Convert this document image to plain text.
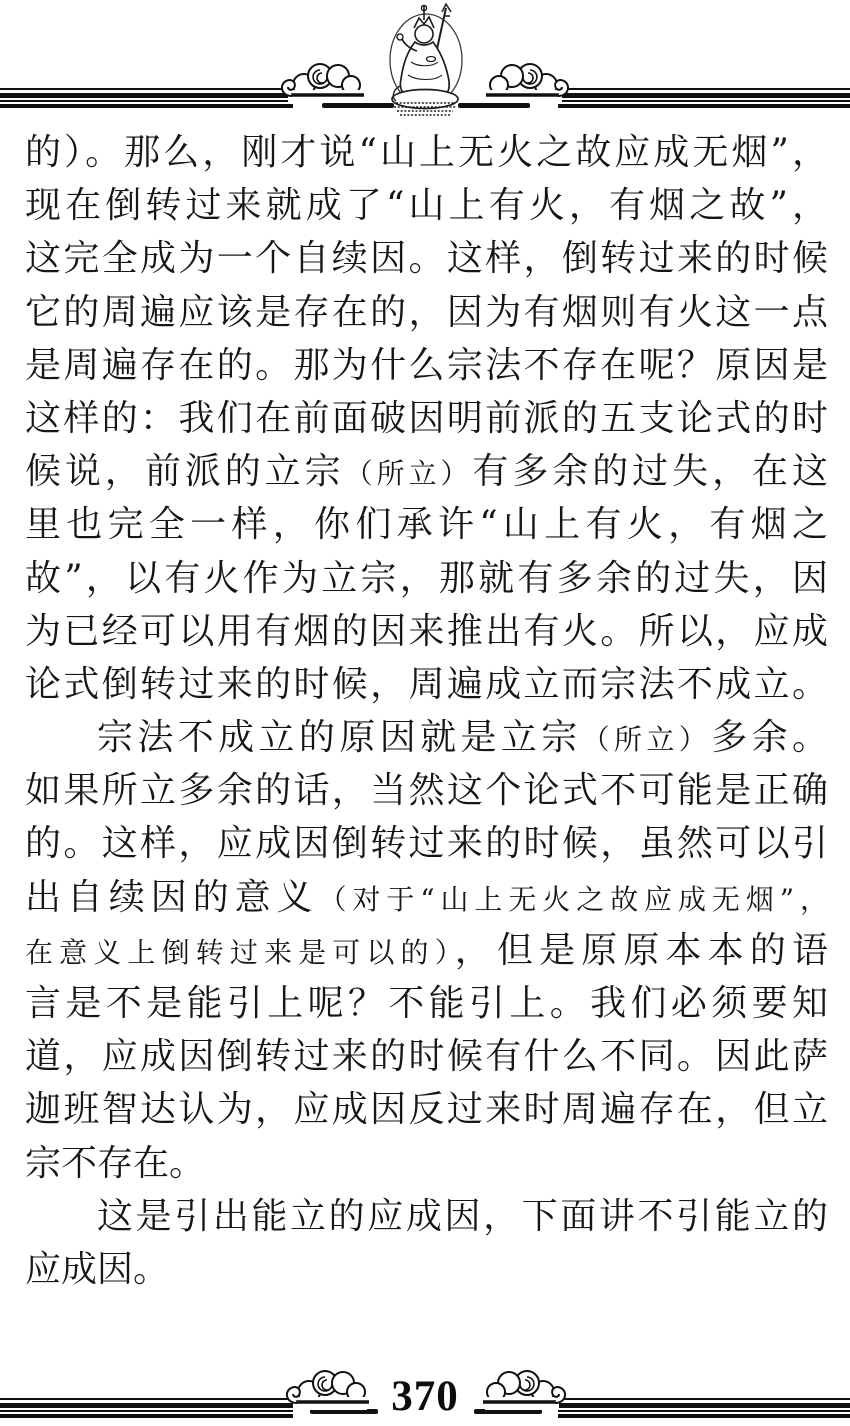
的）。那么，刚才说“山上无火之故应成无烟”，
现在倒转过来就成了“山上有火，有烟之故”，
这完全成为一个自续因。这样，倒转过来的时候
它的周遍应该是存在的，因为有烟则有火这一点
是周遍存在的。那为什么宗法不存在呢？原因是
这样的：我们在前面破因明前派的五支论式的时
候说，前派的立宗（所立）有多余的过失，在这
里也完全一样，你们承许“山上有火，有烟之
故”，以有火作为立宗，那就有多余的过失，因
为已经可以用有烟的因来推出有火。所以，应成
论式倒转过来的时候，周遍成立而宗法不成立。
宗法不成立的原因就是立宗（所立）多余。
如果所立多余的话，当然这个论式不可能是正确
的。这样，应成因倒转过来的时候，虽然可以引
出自续因的意义（对于“山上无火之故应成无烟”，
在意义上倒转过来是可以的），但是原原本本的语
言是不是能引上呢？不能引上。我们必须要知
道，应成因倒转过来的时候有什么不同。因此萨
迦班智达认为，应成因反过来时周遍存在，但立
宗不存在。
这是引出能立的应成因，下面讲不引能立的
应成因。
370
